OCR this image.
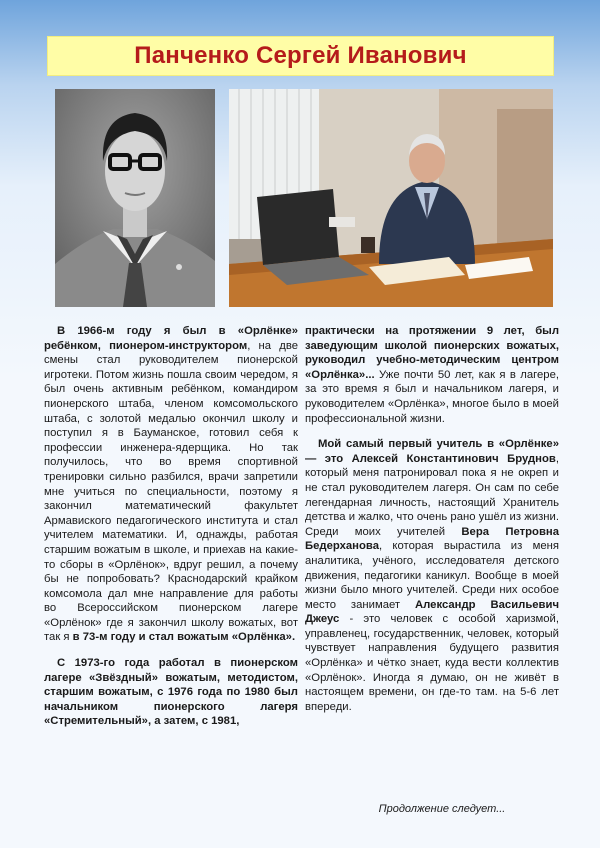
Панченко Сергей Иванович

В 1966-м году я был в «Орлёнке» ребёнком, пионером-инструктором, на две смены стал руководителем пионерской игротеки. Потом жизнь пошла своим чередом, я был очень активным ребёнком, командиром пионерского штаба, членом комсомольского штаба, с золотой медалью окончил школу и поступил я в Бауманское, готовил себя к профессии инженера-ядерщика. Но так получилось, что во время спортивной тренировки сильно разбился, врачи запретили мне учиться по специальности, поэтому я закончил математический факультет Армавиского педагогического института и стал учителем математики. И, однажды, работая старшим вожатым в школе, и приехав на какие-то сборы в «Орлёнок», вдруг решил, а почему бы не попробовать? Краснодарский крайком комсомола дал мне направление для работы во Всероссийском пионерском лагере «Орлёнок» где я закончил школу вожатых, вот так я в 73-м году и стал вожатым «Орлёнка».

С 1973-го года работал в пионерском лагере «Звёздный» вожатым, методистом, старшим вожатым, с 1976 года по 1980 был начальником пионерского лагеря «Стремительный», а затем, с 1981,

практически на протяжении 9 лет, был заведующим школой пионерских вожатых, руководил учебно-методическим центром «Орлёнка»... Уже почти 50 лет, как я в лагере, за это время я был и начальником лагеря, и руководителем «Орлёнка», многое было в моей профессиональной жизни.

Мой самый первый учитель в «Орлёнке» — это Алексей Константинович Бруднов, который меня патронировал пока я не окреп и не стал руководителем лагеря. Он сам по себе легендарная личность, настоящий Хранитель детства и жалко, что очень рано ушёл из жизни. Среди моих учителей Вера Петровна Бедерханова, которая вырастила из меня аналитика, учёного, исследователя детского движения, педагогики каникул. Вообще в моей жизни было много учителей. Среди них особое место занимает Александр Васильевич Джеус - это человек с особой харизмой, управленец, государственник, человек, который чувствует направления будущего развития «Орлёнка» и чётко знает, куда вести коллектив «Орлёнок». Иногда я думаю, он не живёт в настоящем времени, он где-то там. на 5-6 лет впереди.

Продолжение следует...
